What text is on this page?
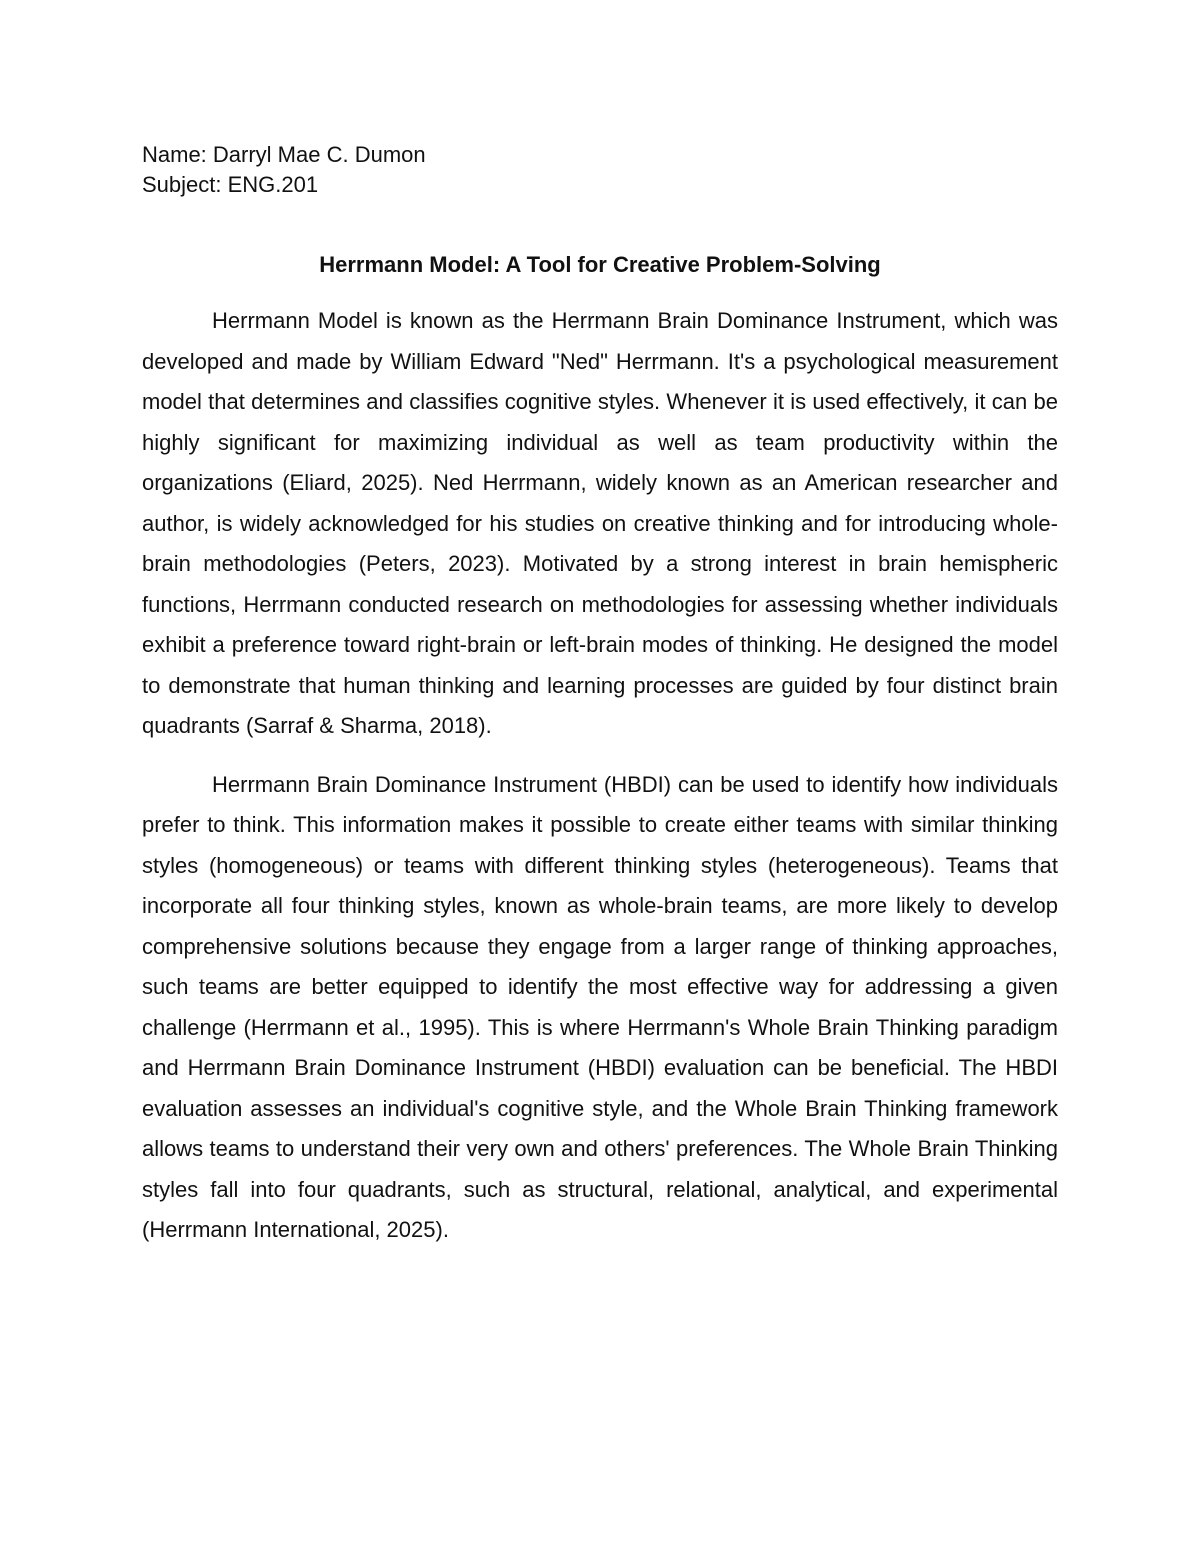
Name: Darryl Mae C. Dumon
Subject: ENG.201
Herrmann Model: A Tool for Creative Problem-Solving

Herrmann Model is known as the Herrmann Brain Dominance Instrument, which was developed and made by William Edward "Ned" Herrmann. It's a psychological measurement model that determines and classifies cognitive styles. Whenever it is used effectively, it can be highly significant for maximizing individual as well as team productivity within the organizations (Eliard, 2025). Ned Herrmann, widely known as an American researcher and author, is widely acknowledged for his studies on creative thinking and for introducing whole-brain methodologies (Peters, 2023). Motivated by a strong interest in brain hemispheric functions, Herrmann conducted research on methodologies for assessing whether individuals exhibit a preference toward right-brain or left-brain modes of thinking. He designed the model to demonstrate that human thinking and learning processes are guided by four distinct brain quadrants (Sarraf & Sharma, 2018).

Herrmann Brain Dominance Instrument (HBDI) can be used to identify how individuals prefer to think. This information makes it possible to create either teams with similar thinking styles (homogeneous) or teams with different thinking styles (heterogeneous). Teams that incorporate all four thinking styles, known as whole-brain teams, are more likely to develop comprehensive solutions because they engage from a larger range of thinking approaches, such teams are better equipped to identify the most effective way for addressing a given challenge (Herrmann et al., 1995). This is where Herrmann's Whole Brain Thinking paradigm and Herrmann Brain Dominance Instrument (HBDI) evaluation can be beneficial. The HBDI evaluation assesses an individual's cognitive style, and the Whole Brain Thinking framework allows teams to understand their very own and others' preferences. The Whole Brain Thinking styles fall into four quadrants, such as structural, relational, analytical, and experimental (Herrmann International, 2025).
